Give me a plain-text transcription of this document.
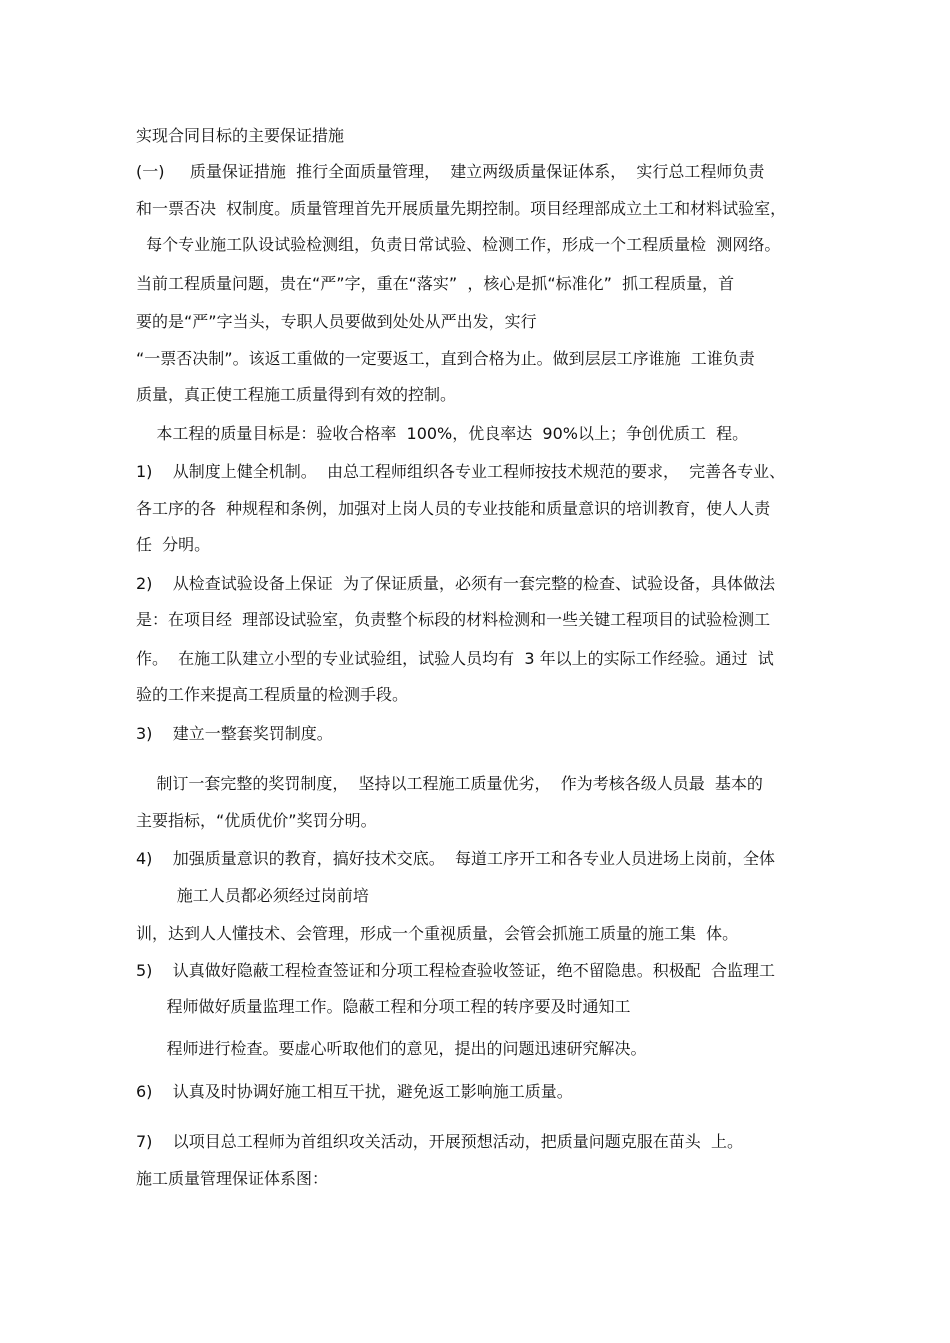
实现合同目标的主要保证措施

(一)     质量保证措施  推行全面质量管理，  建立两级质量保证体系，  实行总工程师负责

和一票否决  权制度。质量管理首先开展质量先期控制。项目经理部成立土工和材料试验室，

每个专业施工队设试验检测组，负责日常试验、检测工作，形成一个工程质量检  测网络。

当前工程质量问题，贵在“严”字，重在“落实”  ，核心是抓“标准化”  抓工程质量，首

要的是“严”字当头，专职人员要做到处处从严出发，实行

“一票否决制”。该返工重做的一定要返工，直到合格为止。做到层层工序谁施  工谁负责

质量，真正使工程施工质量得到有效的控制。

本工程的质量目标是：验收合格率  100%，优良率达  90%以上；争创优质工  程。

1)    从制度上健全机制。  由总工程师组织各专业工程师按技术规范的要求，  完善各专业、

各工序的各  种规程和条例，加强对上岗人员的专业技能和质量意识的培训教育，使人人责

任  分明。

2)    从检查试验设备上保证  为了保证质量，必须有一套完整的检查、试验设备，具体做法

是：在项目经  理部设试验室，负责整个标段的材料检测和一些关键工程项目的试验检测工

作。  在施工队建立小型的专业试验组，试验人员均有  3 年以上的实际工作经验。通过  试

验的工作来提高工程质量的检测手段。

3)    建立一整套奖罚制度。

制订一套完整的奖罚制度，  坚持以工程施工质量优劣，  作为考核各级人员最  基本的

主要指标，“优质优价”奖罚分明。

4)    加强质量意识的教育，搞好技术交底。  每道工序开工和各专业人员进场上岗前，全体

施工人员都必须经过岗前培

训，达到人人懂技术、会管理，形成一个重视质量，会管会抓施工质量的施工集  体。

5)    认真做好隐蔽工程检查签证和分项工程检查验收签证，绝不留隐患。积极配  合监理工

程师做好质量监理工作。隐蔽工程和分项工程的转序要及时通知工

程师进行检查。要虚心听取他们的意见，提出的问题迅速研究解决。

6)    认真及时协调好施工相互干扰，避免返工影响施工质量。

7)    以项目总工程师为首组织攻关活动，开展预想活动，把质量问题克服在苗头  上。

施工质量管理保证体系图：
